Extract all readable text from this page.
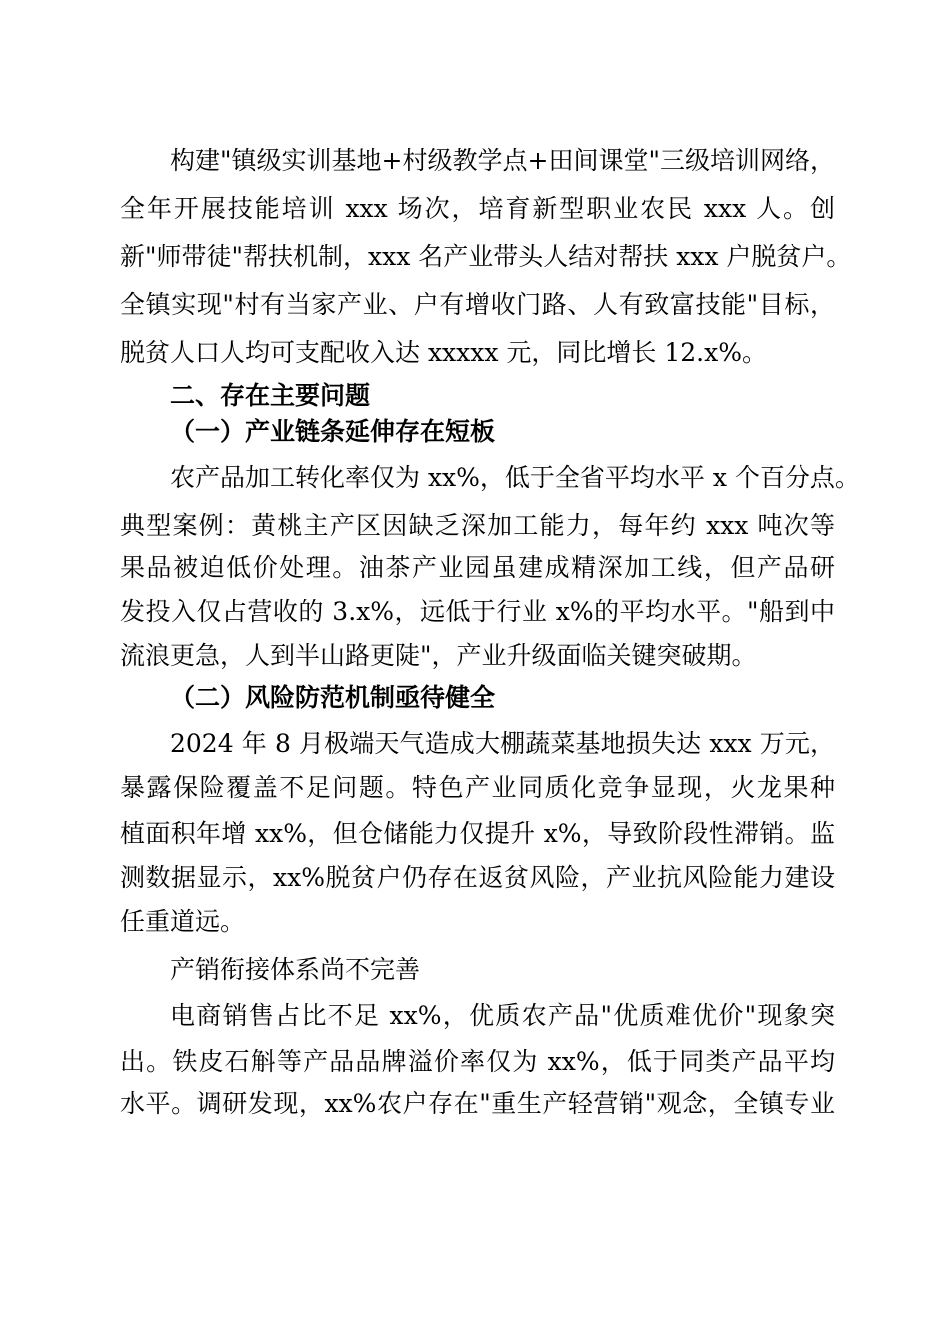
构建"镇级实训基地+村级教学点+田间课堂"三级培训网络，
全年开展技能培训 xxx 场次，培育新型职业农民 xxx 人。创
新"师带徒"帮扶机制，xxx 名产业带头人结对帮扶 xxx 户脱贫户。
全镇实现"村有当家产业、户有增收门路、人有致富技能"目标，
脱贫人口人均可支配收入达 xxxxx 元，同比增长 12.x%。
二、存在主要问题
（一）产业链条延伸存在短板
农产品加工转化率仅为 xx%，低于全省平均水平 x 个百分点。
典型案例：黄桃主产区因缺乏深加工能力，每年约 xxx 吨次等
果品被迫低价处理。油茶产业园虽建成精深加工线，但产品研
发投入仅占营收的 3.x%，远低于行业 x%的平均水平。"船到中
流浪更急，人到半山路更陡"，产业升级面临关键突破期。
（二）风险防范机制亟待健全
2024 年 8 月极端天气造成大棚蔬菜基地损失达 xxx 万元，
暴露保险覆盖不足问题。特色产业同质化竞争显现，火龙果种
植面积年增 xx%，但仓储能力仅提升 x%，导致阶段性滞销。监
测数据显示，xx%脱贫户仍存在返贫风险，产业抗风险能力建设
任重道远。
产销衔接体系尚不完善
电商销售占比不足 xx%，优质农产品"优质难优价"现象突
出。铁皮石斛等产品品牌溢价率仅为 xx%，低于同类产品平均
水平。调研发现，xx%农户存在"重生产轻营销"观念，全镇专业
